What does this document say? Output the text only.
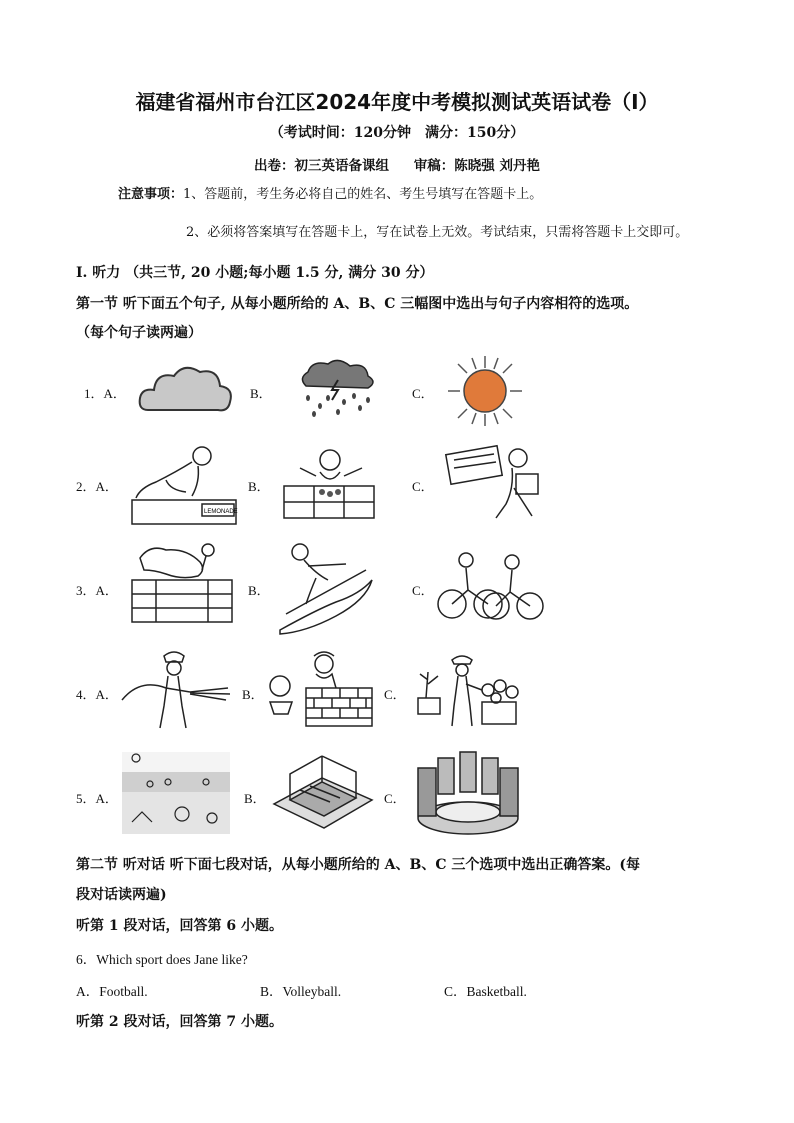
福建省福州市台江区2024年度中考模拟测试英语试卷（I）
（考试时间：120分钟　满分：150分）
出卷：初三英语备课组 审稿：陈晓强 刘丹艳
注意事项：1、答题前，考生务必将自己的姓名、考生号填写在答题卡上。
2、必须将答案填写在答题卡上，写在试卷上无效。考试结束，只需将答题卡上交即可。
I. 听力 （共三节, 20 小题;每小题 1.5 分, 满分 30 分）
第一节 听下面五个句子, 从每小题所给的 A、B、C 三幅图中选出与句子内容相符的选项。
（每个句子读两遍）
1．A．	B．	C．
2．A．
LEMONADE
B．	C．
3．A．	B．	C．
4．A．	B．	C．
5．A．	B．	C．
第二节 听对话 听下面七段对话，从每小题所给的 A、B、C 三个选项中选出正确答案。(每
段对话读两遍)
听第 1 段对话，回答第 6 小题。
6．Which sport does Jane like?
A．Football.	B．Volleyball.	C．Basketball.
听第 2 段对话，回答第 7 小题。
